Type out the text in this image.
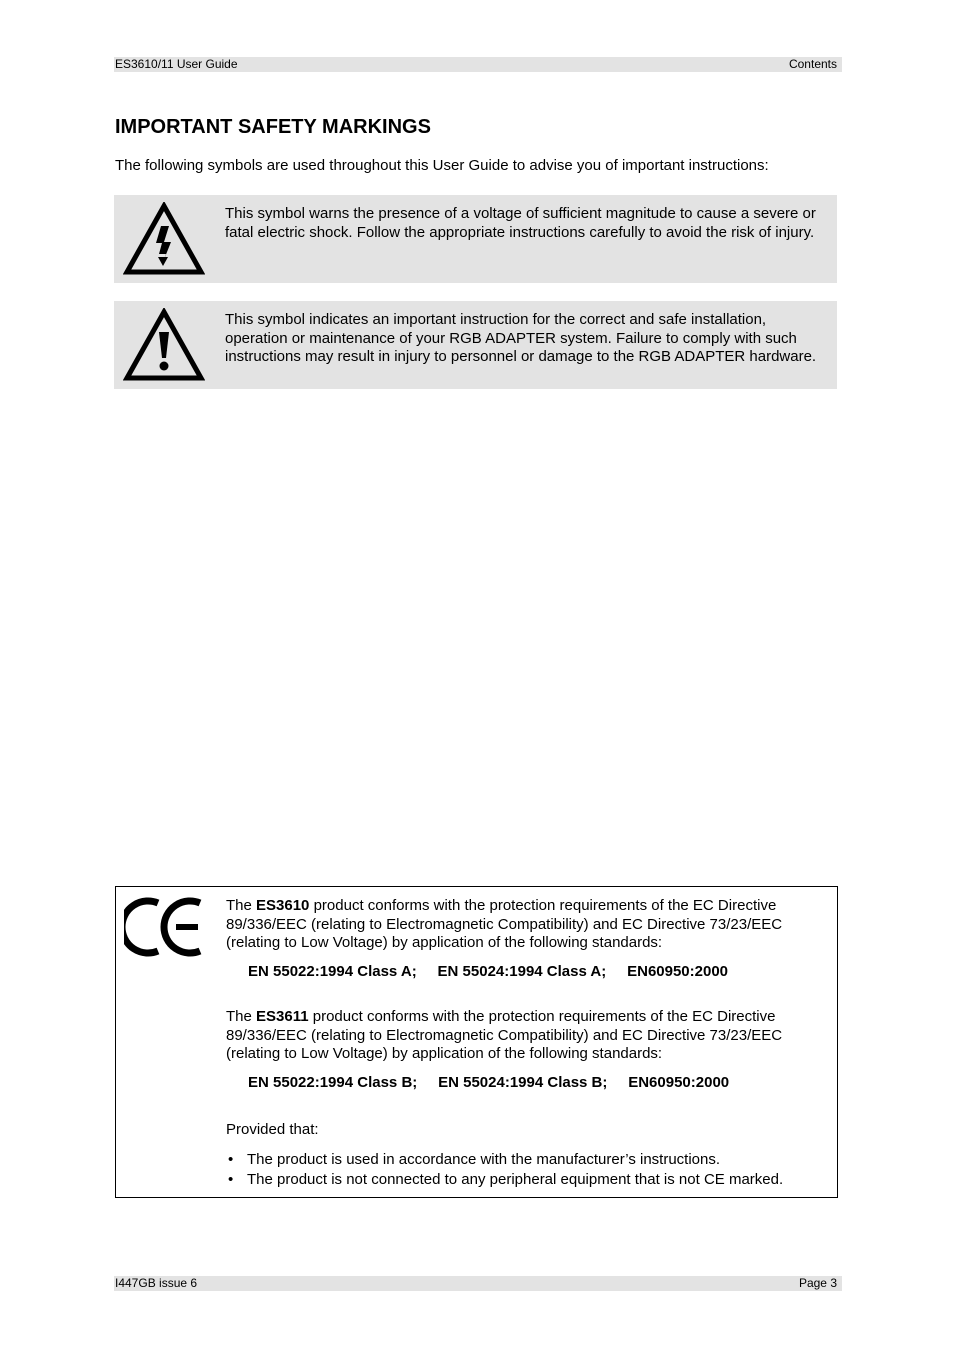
ES3610/11 User Guide	Contents
IMPORTANT SAFETY MARKINGS

The following symbols are used throughout this User Guide to advise you of important instructions:

This symbol warns the presence of a voltage of sufficient magnitude to cause a severe or fatal electric shock. Follow the appropriate instructions carefully to avoid the risk of injury.

This symbol indicates an important instruction for the correct and safe installation, operation or maintenance of your RGB ADAPTER system. Failure to comply with such instructions may result in injury to personnel or damage to the RGB ADAPTER hardware.

The ES3610 product conforms with the protection requirements of the EC Directive 89/336/EEC (relating to Electromagnetic Compatibility) and EC Directive 73/23/EEC (relating to Low Voltage) by application of the following standards:

EN 55022:1994 Class A;     EN 55024:1994 Class A;     EN60950:2000

The ES3611 product conforms with the protection requirements of the EC Directive 89/336/EEC (relating to Electromagnetic Compatibility) and EC Directive 73/23/EEC (relating to Low Voltage) by application of the following standards:

EN 55022:1994 Class B;     EN 55024:1994 Class B;     EN60950:2000

Provided that:

• The product is used in accordance with the manufacturer’s instructions.
• The product is not connected to any peripheral equipment that is not CE marked.
I447GB issue 6	Page 3
